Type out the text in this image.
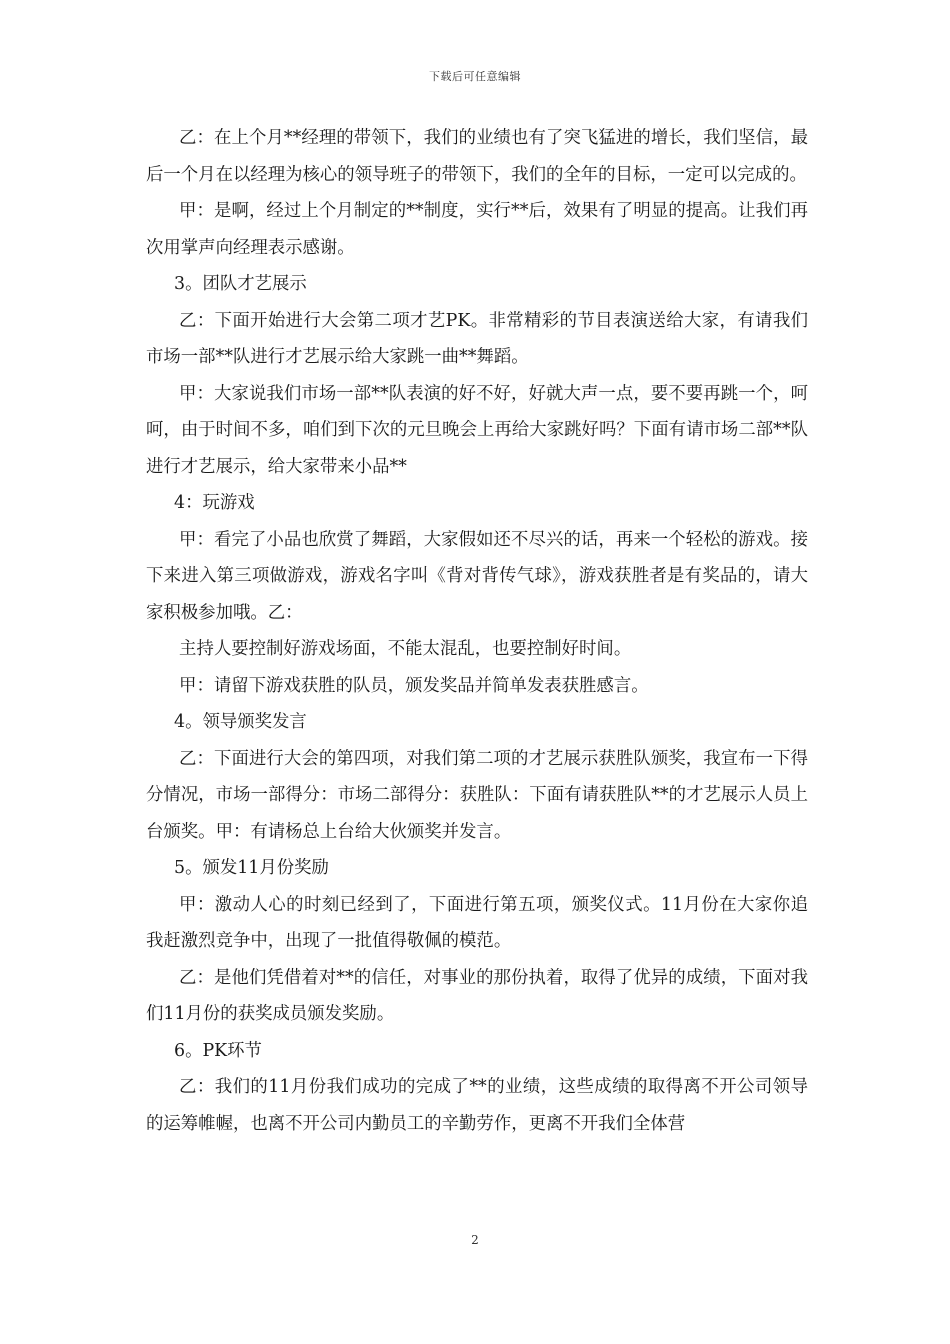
下载后可任意编辑

乙：在上个月**经理的带领下，我们的业绩也有了突飞猛进的增长，我们坚信，最后一个月在以经理为核心的领导班子的带领下，我们的全年的目标，一定可以完成的。

甲：是啊，经过上个月制定的**制度，实行**后，效果有了明显的提高。让我们再次用掌声向经理表示感谢。

3。团队才艺展示

乙：下面开始进行大会第二项才艺PK。非常精彩的节目表演送给大家，有请我们市场一部**队进行才艺展示给大家跳一曲**舞蹈。

甲：大家说我们市场一部**队表演的好不好，好就大声一点，要不要再跳一个，呵呵，由于时间不多，咱们到下次的元旦晚会上再给大家跳好吗？下面有请市场二部**队进行才艺展示，给大家带来小品**

4：玩游戏

甲：看完了小品也欣赏了舞蹈，大家假如还不尽兴的话，再来一个轻松的游戏。接下来进入第三项做游戏，游戏名字叫《背对背传气球》，游戏获胜者是有奖品的，请大家积极参加哦。乙：

主持人要控制好游戏场面，不能太混乱，也要控制好时间。

甲：请留下游戏获胜的队员，颁发奖品并简单发表获胜感言。

4。领导颁奖发言

乙：下面进行大会的第四项，对我们第二项的才艺展示获胜队颁奖，我宣布一下得分情况，市场一部得分：市场二部得分：获胜队：下面有请获胜队**的才艺展示人员上台颁奖。甲：有请杨总上台给大伙颁奖并发言。

5。颁发11月份奖励

甲：激动人心的时刻已经到了，下面进行第五项，颁奖仪式。11月份在大家你追我赶激烈竞争中，出现了一批值得敬佩的模范。

乙：是他们凭借着对**的信任，对事业的那份执着，取得了优异的成绩，下面对我们11月份的获奖成员颁发奖励。

6。PK环节

乙：我们的11月份我们成功的完成了**的业绩，这些成绩的取得离不开公司领导的运筹帷幄，也离不开公司内勤员工的辛勤劳作，更离不开我们全体营

2
